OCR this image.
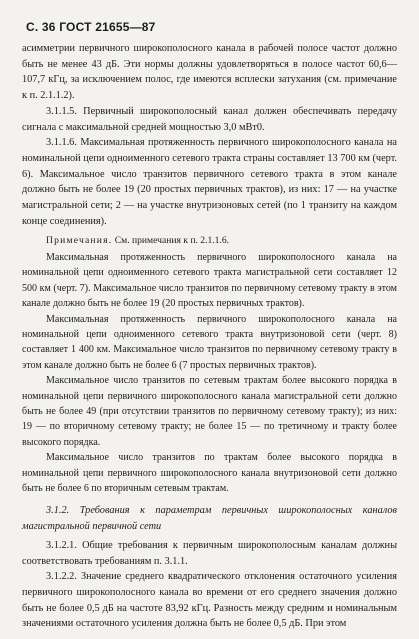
С. 36 ГОСТ 21655—87

асимметрии первичного широкополосного канала в рабочей полосе частот должно быть не менее 43 дБ. Эти нормы должны удовлетворяться в полосе частот 60,6—107,7 кГц, за исключением полос, где имеются всплески затухания (см. примечание к п. 2.1.1.2).

3.1.1.5. Первичный широкополосный канал должен обеспечивать передачу сигнала с максимальной средней мощностью 3,0 мВт0.

3.1.1.6. Максимальная протяженность первичного широкополосного канала на номинальной цепи одноименного сетевого тракта страны составляет 13 700 км (черт. 6). Максимальное число транзитов первичного сетевого тракта в этом канале должно быть не более 19 (20 простых первичных трактов), из них: 17 — на участке магистральной сети; 2 — на участке внутризоновых сетей (по 1 транзиту на каждом конце соединения).

Примечания. См. примечания к п. 2.1.1.6.

Максимальная протяженность первичного широкополосного канала на номинальной цепи одноименного сетевого тракта магистральной сети составляет 12 500 км (черт. 7). Максимальное число транзитов по первичному сетевому тракту в этом канале должно быть не более 19 (20 простых первичных трактов).

Максимальная протяженность первичного широкополосного канала на номинальной цепи одноименного сетевого тракта внутризоновой сети (черт. 8) составляет 1 400 км. Максимальное число транзитов по первичному сетевому тракту в этом канале должно быть не более 6 (7 простых первичных трактов).

Максимальное число транзитов по сетевым трактам более высокого порядка в номинальной цепи первичного широкополосного канала магистральной сети должно быть не более 49 (при отсутствии транзитов по первичному сетевому тракту); из них: 19 — по вторичному сетевому тракту; не более 15 — по третичному и тракту более высокого порядка.

Максимальное число транзитов по трактам более высокого порядка в номинальной цепи первичного широкополосного канала внутризоновой сети должно быть не более 6 по вторичным сетевым трактам.

3.1.2. Требования к параметрам первичных широкополосных каналов магистральной первичной сети

3.1.2.1. Общие требования к первичным широкополосным каналам должны соответствовать требованиям п. 3.1.1.

3.1.2.2. Значение среднего квадратического отклонения остаточного усиления первичного широкополосного канала во времени от его среднего значения должно быть не более 0,5 дБ на частоте 83,92 кГц. Разность между средним и номинальным значениями остаточного усиления должна быть не более 0,5 дБ. При этом
